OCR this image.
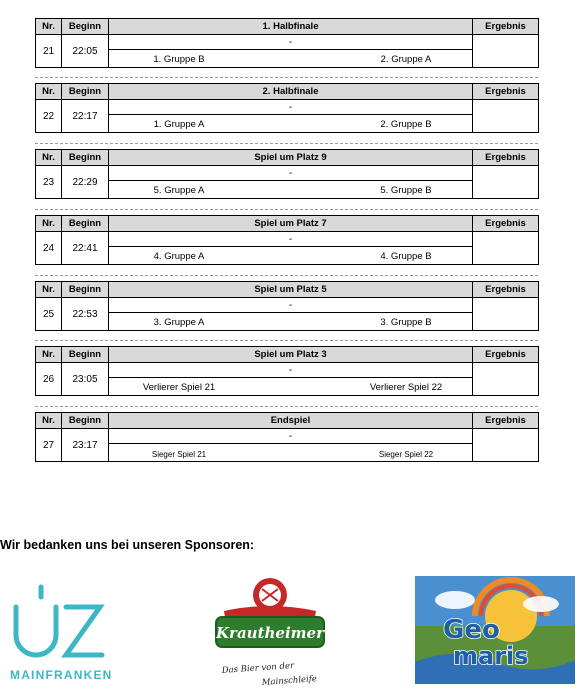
Nr.	Beginn	1. Halbfinale	Ergebnis
21	22:05	-
1. Gruppe B 2. Gruppe A	

Nr.	Beginn	2. Halbfinale	Ergebnis
22	22:17	-
1. Gruppe A 2. Gruppe B	

Nr.	Beginn	Spiel um Platz 9	Ergebnis
23	22:29	-
5. Gruppe A 5. Gruppe B	

Nr.	Beginn	Spiel um Platz 7	Ergebnis
24	22:41	-
4. Gruppe A 4. Gruppe B	

Nr.	Beginn	Spiel um Platz 5	Ergebnis
25	22:53	-
3. Gruppe A 3. Gruppe B	

Nr.	Beginn	Spiel um Platz 3	Ergebnis
26	23:05	-
Verlierer Spiel 21 Verlierer Spiel 22	

Nr.	Beginn	Endspiel	Ergebnis
27	23:17	-
Sieger Spiel 21 Sieger Spiel 22	

Wir bedanken uns bei unseren Sponsoren:
MAINFRANKEN
Krautheimer
Das Bier von der
Mainschleife
Geo
maris
